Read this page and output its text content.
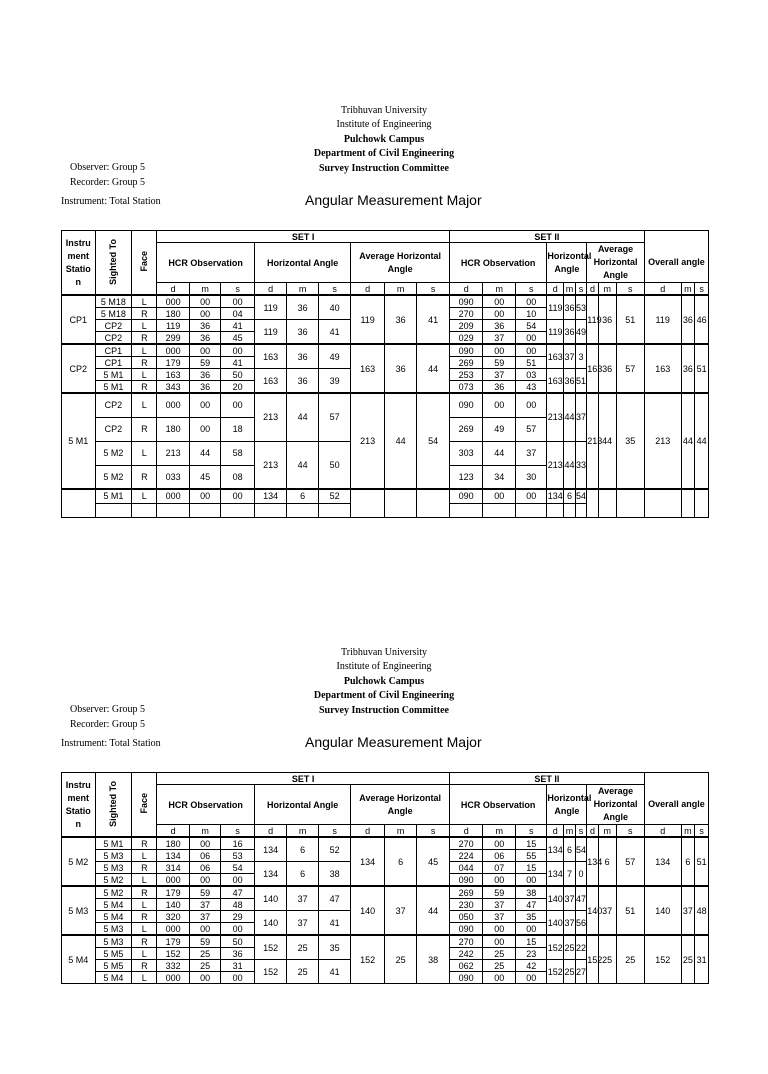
Tribhuvan University
Institute of Engineering
Pulchowk Campus
Department of Civil Engineering
Survey Instruction Committee
Observer: Group 5
Recorder: Group 5
Instrument: Total Station	Angular Measurement Major
Instru ment Statio n	Sighted To	Face	SET I									SET II											
			HCR Observation			Horizontal Angle			Average Horizontal Angle			HCR Observation			Horizontal Angle			Average Horizontal Angle			Overall angle		
			d	m	s	d	m	s	d	m	s	d	m	s	d	m	s	d	m	s	d	m	s
CP1	5 M18	L	000	00	00	119	36	40	119	36	41	090	00	00	119	36	53	119	36	51	119	36	46
	5 M18	R	180	00	04							270	00	10									
	CP2	L	119	36	41	119	36	41				209	36	54	119	36	49						
	CP2	R	299	36	45							029	37	00									
CP2	CP1	L	000	00	00	163	36	49	163	36	44	090	00	00	163	37	3	163	36	57	163	36	51
	CP1	R	179	59	41							269	59	51									
	5 M1	L	163	36	50	163	36	39				253	37	03	163	36	51						
	5 M1	R	343	36	20							073	36	43									
5 M1	CP2	L	000	00	00	213	44	57	213	44	54	090	00	00	213	44	37	213	44	35	213	44	44
	CP2	R	180	00	18							269	49	57									
	5 M2	L	213	44	58	213	44	50				303	44	37	213	44	33						
	5 M2	R	033	45	08							123	34	30									
	5 M1	L	000	00	00	134	6	52				090	00	00	134	6	54						

Tribhuvan University
Institute of Engineering
Pulchowk Campus
Department of Civil Engineering
Survey Instruction Committee
Observer: Group 5
Recorder: Group 5
Instrument: Total Station	Angular Measurement Major
Instru ment Statio n	Sighted To	Face	SET I									SET II											
			HCR Observation			Horizontal Angle			Average Horizontal Angle			HCR Observation			Horizontal Angle			Average Horizontal Angle			Overall angle		
			d	m	s	d	m	s	d	m	s	d	m	s	d	m	s	d	m	s	d	m	s
5 M2	5 M1	R	180	00	16	134	6	52	134	6	45	270	00	15	134	6	54	134	6	57	134	6	51
	5 M3	L	134	06	53							224	06	55									
	5 M3	R	314	06	54	134	6	38				044	07	15	134	7	0						
	5 M2	L	000	00	00							090	00	00									
5 M3	5 M2	R	179	59	47	140	37	47	140	37	44	269	59	38	140	37	47	140	37	51	140	37	48
	5 M4	L	140	37	48							230	37	47									
	5 M4	R	320	37	29	140	37	41				050	37	35	140	37	56						
	5 M3	L	000	00	00							090	00	00									
5 M4	5 M3	R	179	59	50	152	25	35	152	25	38	270	00	15	152	25	22	152	25	25	152	25	31
	5 M5	L	152	25	36							242	25	23									
	5 M5	R	332	25	31	152	25	41				062	25	42	152	25	27						
	5 M4	L	000	00	00							090	00	00									
